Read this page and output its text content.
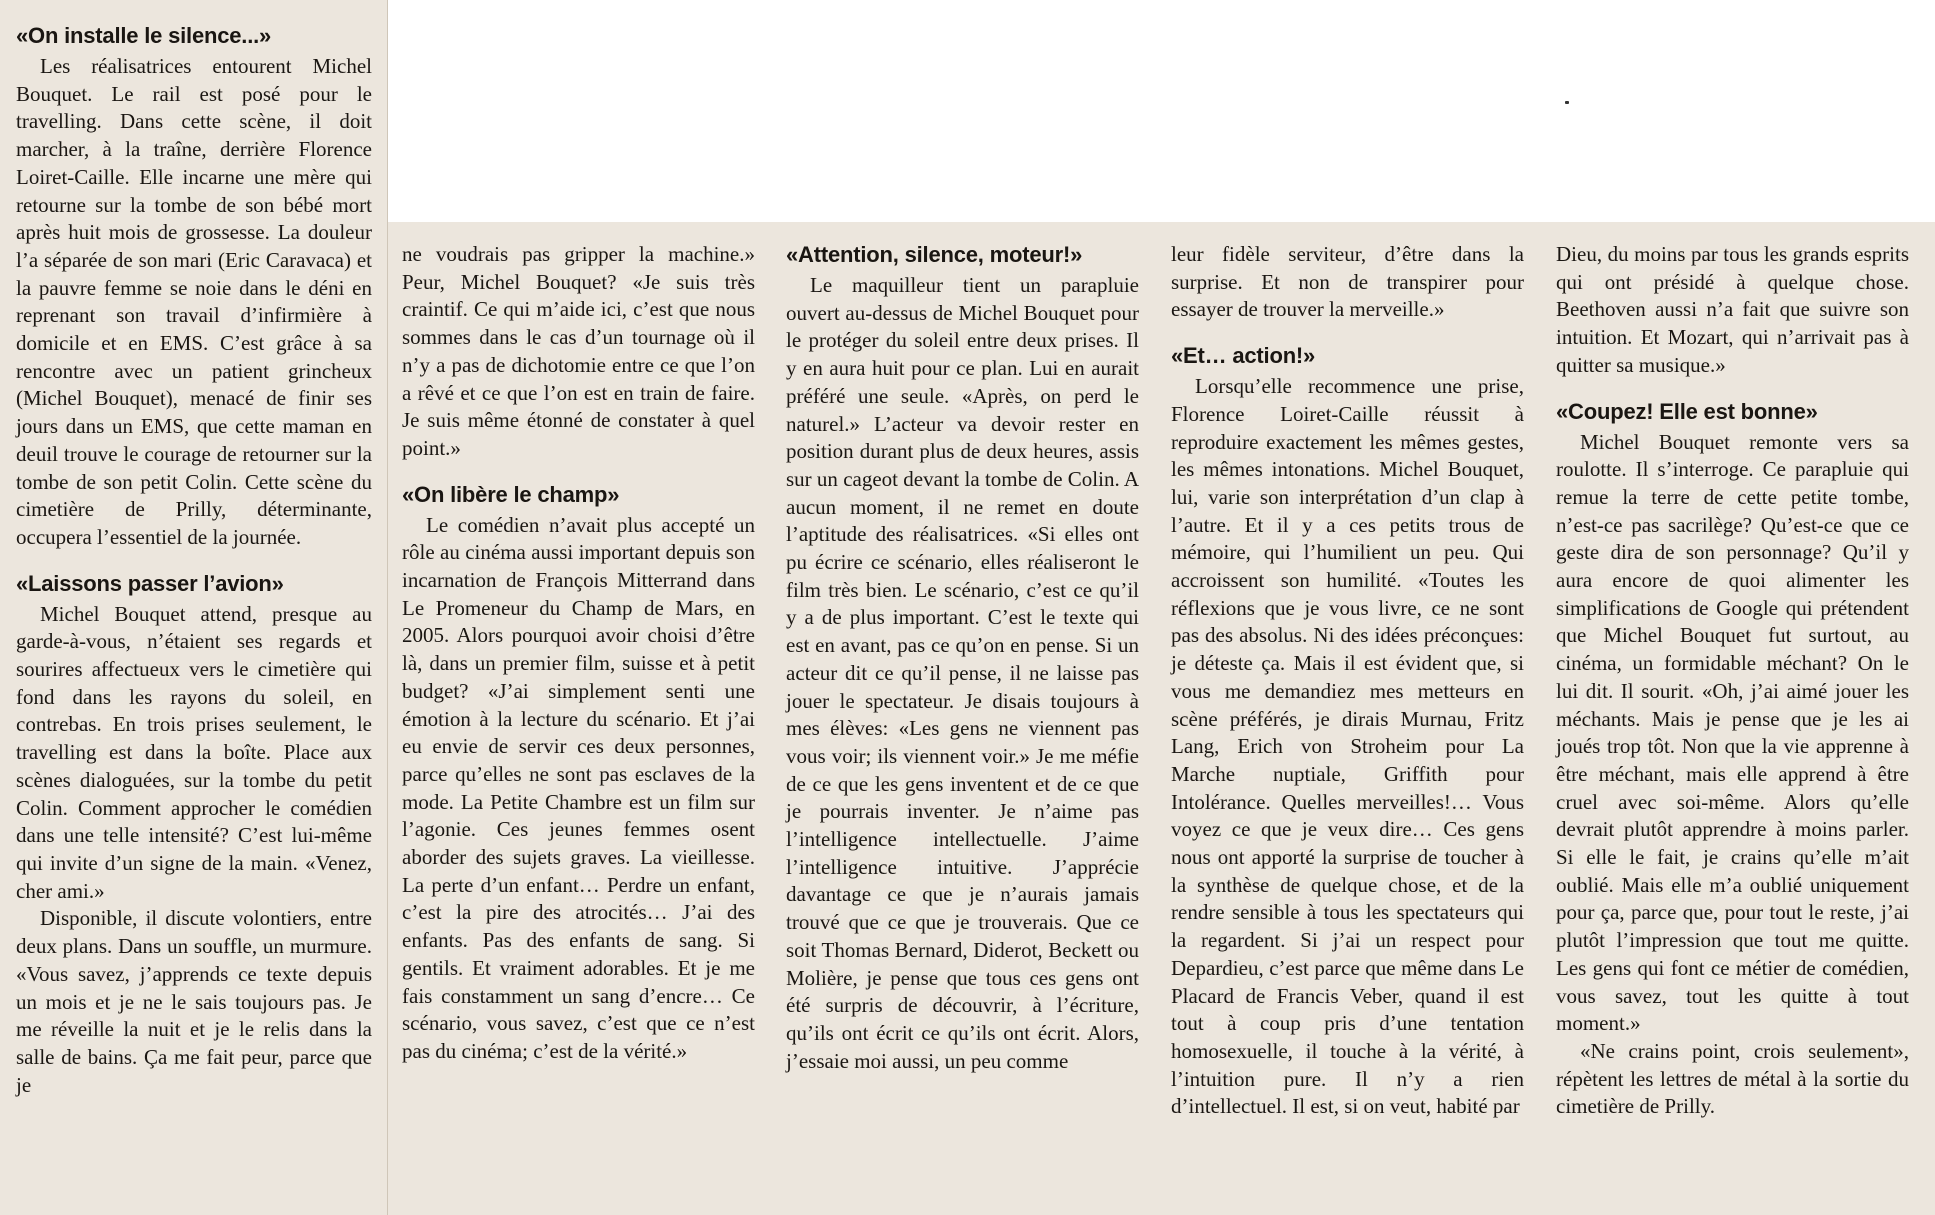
«On installe le silence...»

Les réalisatrices entourent Michel Bouquet. Le rail est posé pour le travelling. Dans cette scène, il doit marcher, à la traîne, derrière Florence Loiret-Caille. Elle incarne une mère qui retourne sur la tombe de son bébé mort après huit mois de grossesse. La douleur l’a séparée de son mari (Eric Caravaca) et la pauvre femme se noie dans le déni en reprenant son travail d’infirmière à domicile et en EMS. C’est grâce à sa rencontre avec un patient grincheux (Michel Bouquet), menacé de finir ses jours dans un EMS, que cette maman en deuil trouve le courage de retourner sur la tombe de son petit Colin. Cette scène du cimetière de Prilly, déterminante, occupera l’essentiel de la journée.

«Laissons passer l’avion»

Michel Bouquet attend, presque au garde-à-vous, n’étaient ses regards et sourires affectueux vers le cimetière qui fond dans les rayons du soleil, en contrebas. En trois prises seulement, le travelling est dans la boîte. Place aux scènes dialoguées, sur la tombe du petit Colin. Comment approcher le comédien dans une telle intensité? C’est lui-même qui invite d’un signe de la main. «Venez, cher ami.»

Disponible, il discute volontiers, entre deux plans. Dans un souffle, un murmure. «Vous savez, j’apprends ce texte depuis un mois et je ne le sais toujours pas. Je me réveille la nuit et je le relis dans la salle de bains. Ça me fait peur, parce que je

ne voudrais pas gripper la machine.» Peur, Michel Bouquet? «Je suis très craintif. Ce qui m’aide ici, c’est que nous sommes dans le cas d’un tournage où il n’y a pas de dichotomie entre ce que l’on a rêvé et ce que l’on est en train de faire. Je suis même étonné de constater à quel point.»

«On libère le champ»

Le comédien n’avait plus accepté un rôle au cinéma aussi important depuis son incarnation de François Mitterrand dans Le Promeneur du Champ de Mars, en 2005. Alors pourquoi avoir choisi d’être là, dans un premier film, suisse et à petit budget? «J’ai simplement senti une émotion à la lecture du scénario. Et j’ai eu envie de servir ces deux personnes, parce qu’elles ne sont pas esclaves de la mode. La Petite Chambre est un film sur l’agonie. Ces jeunes femmes osent aborder des sujets graves. La vieillesse. La perte d’un enfant… Perdre un enfant, c’est la pire des atrocités… J’ai des enfants. Pas des enfants de sang. Si gentils. Et vraiment adorables. Et je me fais constamment un sang d’encre… Ce scénario, vous savez, c’est que ce n’est pas du cinéma; c’est de la vérité.»

«Attention, silence, moteur!»

Le maquilleur tient un parapluie ouvert au-dessus de Michel Bouquet pour le protéger du soleil entre deux prises. Il y en aura huit pour ce plan. Lui en aurait préféré une seule. «Après, on perd le naturel.» L’acteur va devoir rester en position durant plus de deux heures, assis sur un cageot devant la tombe de Colin. A aucun moment, il ne remet en doute l’aptitude des réalisatrices. «Si elles ont pu écrire ce scénario, elles réaliseront le film très bien. Le scénario, c’est ce qu’il y a de plus important. C’est le texte qui est en avant, pas ce qu’on en pense. Si un acteur dit ce qu’il pense, il ne laisse pas jouer le spectateur. Je disais toujours à mes élèves: «Les gens ne viennent pas vous voir; ils viennent voir.» Je me méfie de ce que les gens inventent et de ce que je pourrais inventer. Je n’aime pas l’intelligence intellectuelle. J’aime l’intelligence intuitive. J’apprécie davantage ce que je n’aurais jamais trouvé que ce que je trouverais. Que ce soit Thomas Bernard, Diderot, Beckett ou Molière, je pense que tous ces gens ont été surpris de découvrir, à l’écriture, qu’ils ont écrit ce qu’ils ont écrit. Alors, j’essaie moi aussi, un peu comme

leur fidèle serviteur, d’être dans la surprise. Et non de transpirer pour essayer de trouver la merveille.»

«Et… action!»

Lorsqu’elle recommence une prise, Florence Loiret-Caille réussit à reproduire exactement les mêmes gestes, les mêmes intonations. Michel Bouquet, lui, varie son interprétation d’un clap à l’autre. Et il y a ces petits trous de mémoire, qui l’humilient un peu. Qui accroissent son humilité. «Toutes les réflexions que je vous livre, ce ne sont pas des absolus. Ni des idées préconçues: je déteste ça. Mais il est évident que, si vous me demandiez mes metteurs en scène préférés, je dirais Murnau, Fritz Lang, Erich von Stroheim pour La Marche nuptiale, Griffith pour Intolérance. Quelles merveilles!… Vous voyez ce que je veux dire… Ces gens nous ont apporté la surprise de toucher à la synthèse de quelque chose, et de la rendre sensible à tous les spectateurs qui la regardent. Si j’ai un respect pour Depardieu, c’est parce que même dans Le Placard de Francis Veber, quand il est tout à coup pris d’une tentation homosexuelle, il touche à la vérité, à l’intuition pure. Il n’y a rien d’intellectuel. Il est, si on veut, habité par

Dieu, du moins par tous les grands esprits qui ont présidé à quelque chose. Beethoven aussi n’a fait que suivre son intuition. Et Mozart, qui n’arrivait pas à quitter sa musique.»

«Coupez! Elle est bonne»

Michel Bouquet remonte vers sa roulotte. Il s’interroge. Ce parapluie qui remue la terre de cette petite tombe, n’est-ce pas sacrilège? Qu’est-ce que ce geste dira de son personnage? Qu’il y aura encore de quoi alimenter les simplifications de Google qui prétendent que Michel Bouquet fut surtout, au cinéma, un formidable méchant? On le lui dit. Il sourit. «Oh, j’ai aimé jouer les méchants. Mais je pense que je les ai joués trop tôt. Non que la vie apprenne à être méchant, mais elle apprend à être cruel avec soi-même. Alors qu’elle devrait plutôt apprendre à moins parler. Si elle le fait, je crains qu’elle m’ait oublié. Mais elle m’a oublié uniquement pour ça, parce que, pour tout le reste, j’ai plutôt l’impression que tout me quitte. Les gens qui font ce métier de comédien, vous savez, tout les quitte à tout moment.»

«Ne crains point, crois seulement», répètent les lettres de métal à la sortie du cimetière de Prilly.
